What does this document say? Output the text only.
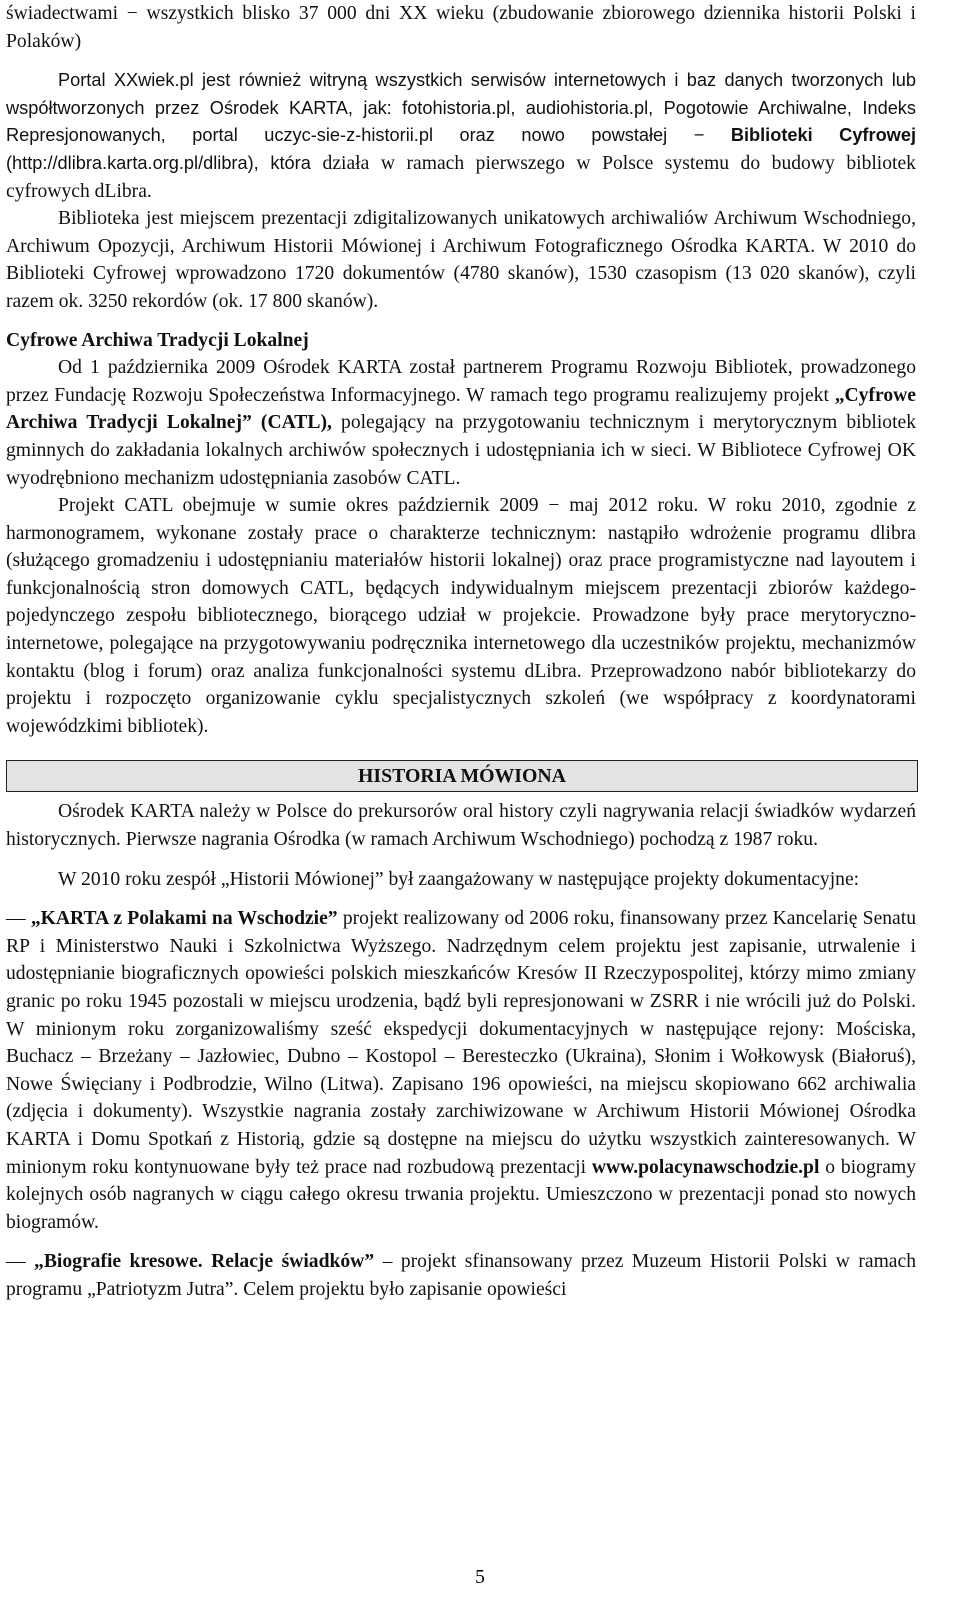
świadectwami − wszystkich blisko 37 000 dni XX wieku (zbudowanie zbiorowego dziennika historii Polski i Polaków)

Portal XXwiek.pl jest również witryną wszystkich serwisów internetowych i baz danych tworzonych lub współtworzonych przez Ośrodek KARTA, jak: fotohistoria.pl, audiohistoria.pl, Pogotowie Archiwalne, Indeks Represjonowanych, portal uczyc-sie-z-historii.pl oraz nowo powstałej − Biblioteki Cyfrowej (http://dlibra.karta.org.pl/dlibra), która działa w ramach pierwszego w Polsce systemu do budowy bibliotek cyfrowych dLibra.

Biblioteka jest miejscem prezentacji zdigitalizowanych unikatowych archiwaliów Archiwum Wschodniego, Archiwum Opozycji, Archiwum Historii Mówionej i Archiwum Fotograficznego Ośrodka KARTA. W 2010 do Biblioteki Cyfrowej wprowadzono 1720 dokumentów (4780 skanów), 1530 czasopism (13 020 skanów), czyli razem ok. 3250 rekordów (ok. 17 800 skanów).

Cyfrowe Archiwa Tradycji Lokalnej

Od 1 października 2009 Ośrodek KARTA został partnerem Programu Rozwoju Bibliotek, prowadzonego przez Fundację Rozwoju Społeczeństwa Informacyjnego. W ramach tego programu realizujemy projekt „Cyfrowe Archiwa Tradycji Lokalnej” (CATL), polegający na przygotowaniu technicznym i merytorycznym bibliotek gminnych do zakładania lokalnych archiwów społecznych i udostępniania ich w sieci. W Bibliotece Cyfrowej OK wyodrębniono mechanizm udostępniania zasobów CATL.

Projekt CATL obejmuje w sumie okres październik 2009 − maj 2012 roku. W roku 2010, zgodnie z harmonogramem, wykonane zostały prace o charakterze technicznym: nastąpiło wdrożenie programu dlibra (służącego gromadzeniu i udostępnianiu materiałów historii lokalnej) oraz prace programistyczne nad layoutem i funkcjonalnością stron domowych CATL, będących indywidualnym miejscem prezentacji zbiorów każdego-pojedynczego zespołu bibliotecznego, biorącego udział w projekcie. Prowadzone były prace merytoryczno-internetowe, polegające na przygotowywaniu podręcznika internetowego dla uczestników projektu, mechanizmów kontaktu (blog i forum) oraz analiza funkcjonalności systemu dLibra. Przeprowadzono nabór bibliotekarzy do projektu i rozpoczęto organizowanie cyklu specjalistycznych szkoleń (we współpracy z koordynatorami wojewódzkimi bibliotek).

HISTORIA MÓWIONA

Ośrodek KARTA należy w Polsce do prekursorów oral history czyli nagrywania relacji świadków wydarzeń historycznych. Pierwsze nagrania Ośrodka (w ramach Archiwum Wschodniego) pochodzą z 1987 roku.

W 2010 roku zespół „Historii Mówionej” był zaangażowany w następujące projekty dokumentacyjne:

― „KARTA z Polakami na Wschodzie” projekt realizowany od 2006 roku, finansowany przez Kancelarię Senatu RP i Ministerstwo Nauki i Szkolnictwa Wyższego. Nadrzędnym celem projektu jest zapisanie, utrwalenie i udostępnianie biograficznych opowieści polskich mieszkańców Kresów II Rzeczypospolitej, którzy mimo zmiany granic po roku 1945 pozostali w miejscu urodzenia, bądź byli represjonowani w ZSRR i nie wrócili już do Polski. W minionym roku zorganizowaliśmy sześć ekspedycji dokumentacyjnych w następujące rejony: Mościska, Buchacz – Brzeżany – Jazłowiec, Dubno – Kostopol – Beresteczko (Ukraina), Słonim i Wołkowysk (Białoruś), Nowe Święciany i Podbrodzie, Wilno (Litwa). Zapisano 196 opowieści, na miejscu skopiowano 662 archiwalia (zdjęcia i dokumenty). Wszystkie nagrania zostały zarchiwizowane w Archiwum Historii Mówionej Ośrodka KARTA i Domu Spotkań z Historią, gdzie są dostępne na miejscu do użytku wszystkich zainteresowanych. W minionym roku kontynuowane były też prace nad rozbudową prezentacji www.polacynawschodzie.pl o biogramy kolejnych osób nagranych w ciągu całego okresu trwania projektu. Umieszczono w prezentacji ponad sto nowych biogramów.

― „Biografie kresowe. Relacje świadków” – projekt sfinansowany przez Muzeum Historii Polski w ramach programu „Patriotyzm Jutra”. Celem projektu było zapisanie opowieści

5
